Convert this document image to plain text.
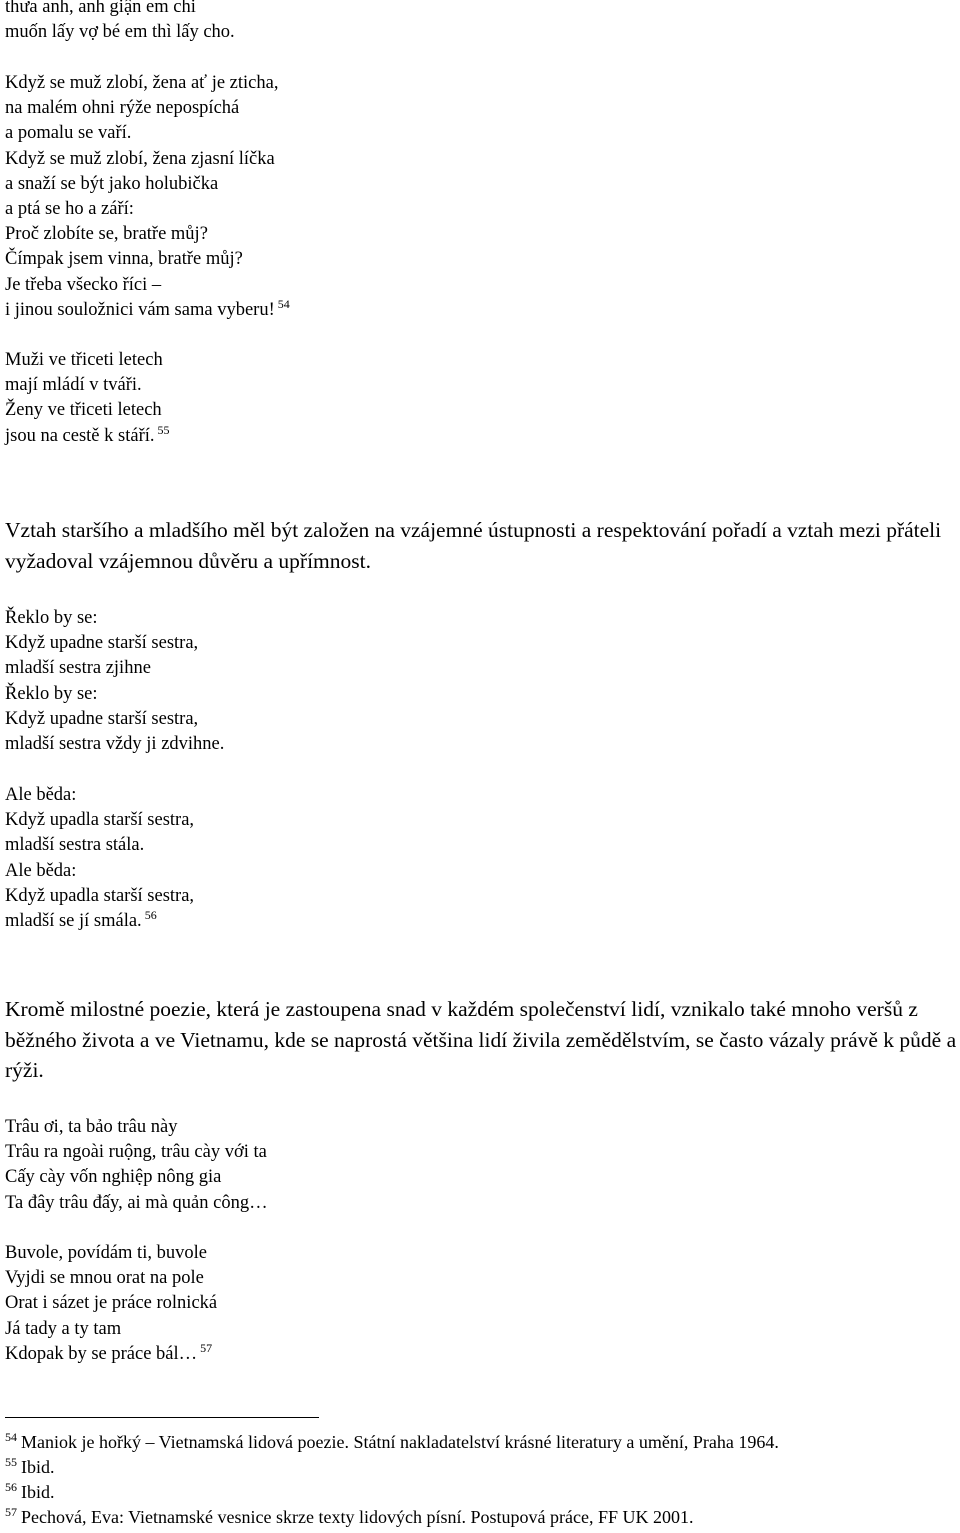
thưa anh, anh giận em chi
muốn lấy vợ bé em thì lấy cho.
Když se muž zlobí, žena ať je zticha,
na malém ohni rýže nepospíchá
a pomalu se vaří.
Když se muž zlobí, žena zjasní líčka
a snaží se být jako holubička
a ptá se ho a září:
Proč zlobíte se, bratře můj?
Čímpak jsem vinna, bratře můj?
Je třeba všecko říci –
i jinou souložnici vám sama vyberu! $^{54}$
Muži ve třiceti letech
mají mládí v tváři.
Ženy ve třiceti letech
jsou na cestě k stáří. $^{55}$

Vztah staršího a mladšího měl být založen na vzájemné ústupnosti a respektování pořadí a vztah mezi přáteli vyžadoval vzájemnou důvěru a upřímnost.

Řeklo by se:
Když upadne starší sestra,
mladší sestra zjihne
Řeklo by se:
Když upadne starší sestra,
mladší sestra vždy ji zdvihne.
Ale běda:
Když upadla starší sestra,
mladší sestra stála.
Ale běda:
Když upadla starší sestra,
mladší se jí smála. $^{56}$

Kromě milostné poezie, která je zastoupena snad v každém společenství lidí, vznikalo také mnoho veršů z běžného života a ve Vietnamu, kde se naprostá většina lidí živila zemědělstvím, se často vázaly právě k půdě a rýži.

Trâu ơi, ta bảo trâu này
Trâu ra ngoài ruộng, trâu cày với ta
Cấy cày vốn nghiệp nông gia
Ta đây trâu đấy, ai mà quản công…
Buvole, povídám ti, buvole
Vyjdi se mnou orat na pole
Orat i sázet je práce rolnická
Já tady a ty tam
Kdopak by se práce bál… $^{57}$
$^{54}$ Maniok je hořký – Vietnamská lidová poezie. Státní nakladatelství krásné literatury a umění, Praha 1964.
$^{55}$ Ibid.
$^{56}$ Ibid.
$^{57}$ Pechová, Eva: Vietnamské vesnice skrze texty lidových písní. Postupová práce, FF UK 2001.
